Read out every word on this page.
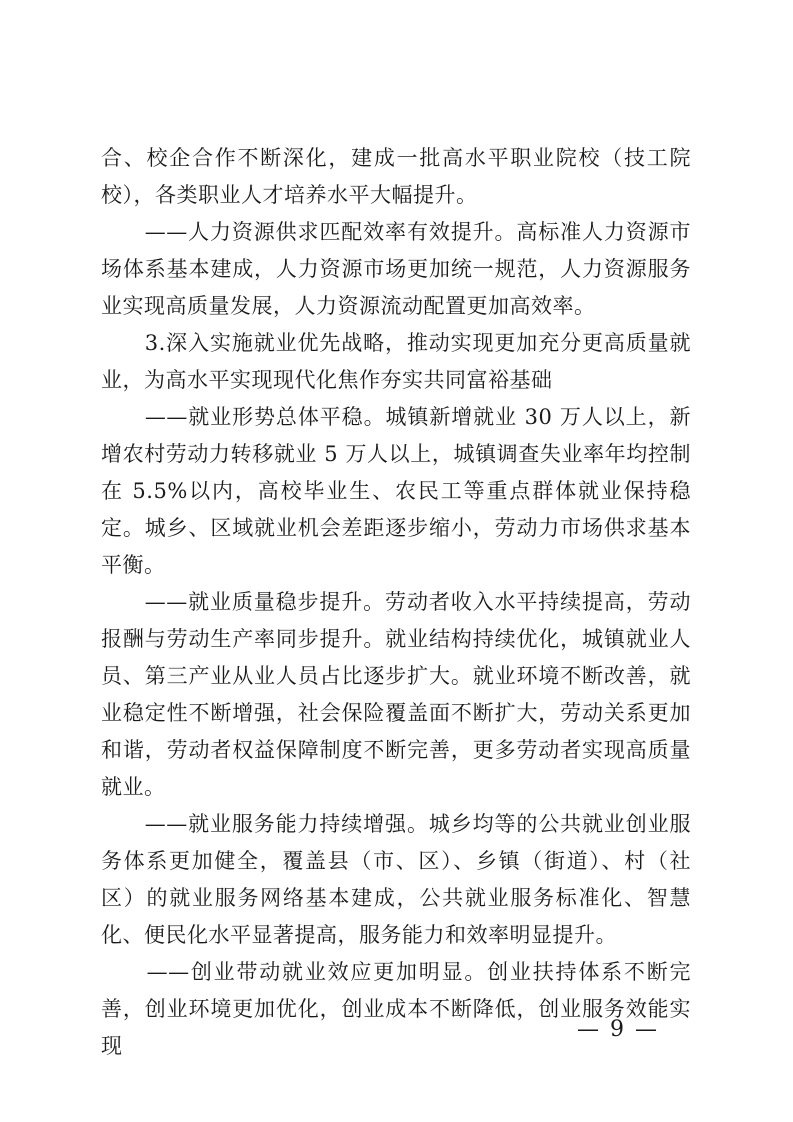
合、校企合作不断深化，建成一批高水平职业院校（技工院校），各类职业人才培养水平大幅提升。

　　——人力资源供求匹配效率有效提升。高标准人力资源市场体系基本建成，人力资源市场更加统一规范，人力资源服务业实现高质量发展，人力资源流动配置更加高效率。

　　3.深入实施就业优先战略，推动实现更加充分更高质量就业，为高水平实现现代化焦作夯实共同富裕基础

　　——就业形势总体平稳。城镇新增就业 30 万人以上，新增农村劳动力转移就业 5 万人以上，城镇调查失业率年均控制在 5.5%以内，高校毕业生、农民工等重点群体就业保持稳定。城乡、区域就业机会差距逐步缩小，劳动力市场供求基本平衡。

　　——就业质量稳步提升。劳动者收入水平持续提高，劳动报酬与劳动生产率同步提升。就业结构持续优化，城镇就业人员、第三产业从业人员占比逐步扩大。就业环境不断改善，就业稳定性不断增强，社会保险覆盖面不断扩大，劳动关系更加和谐，劳动者权益保障制度不断完善，更多劳动者实现高质量就业。

　　——就业服务能力持续增强。城乡均等的公共就业创业服务体系更加健全，覆盖县（市、区）、乡镇（街道）、村（社区）的就业服务网络基本建成，公共就业服务标准化、智慧化、便民化水平显著提高，服务能力和效率明显提升。

　　——创业带动就业效应更加明显。创业扶持体系不断完善，创业环境更加优化，创业成本不断降低，创业服务效能实现

— 9 —
